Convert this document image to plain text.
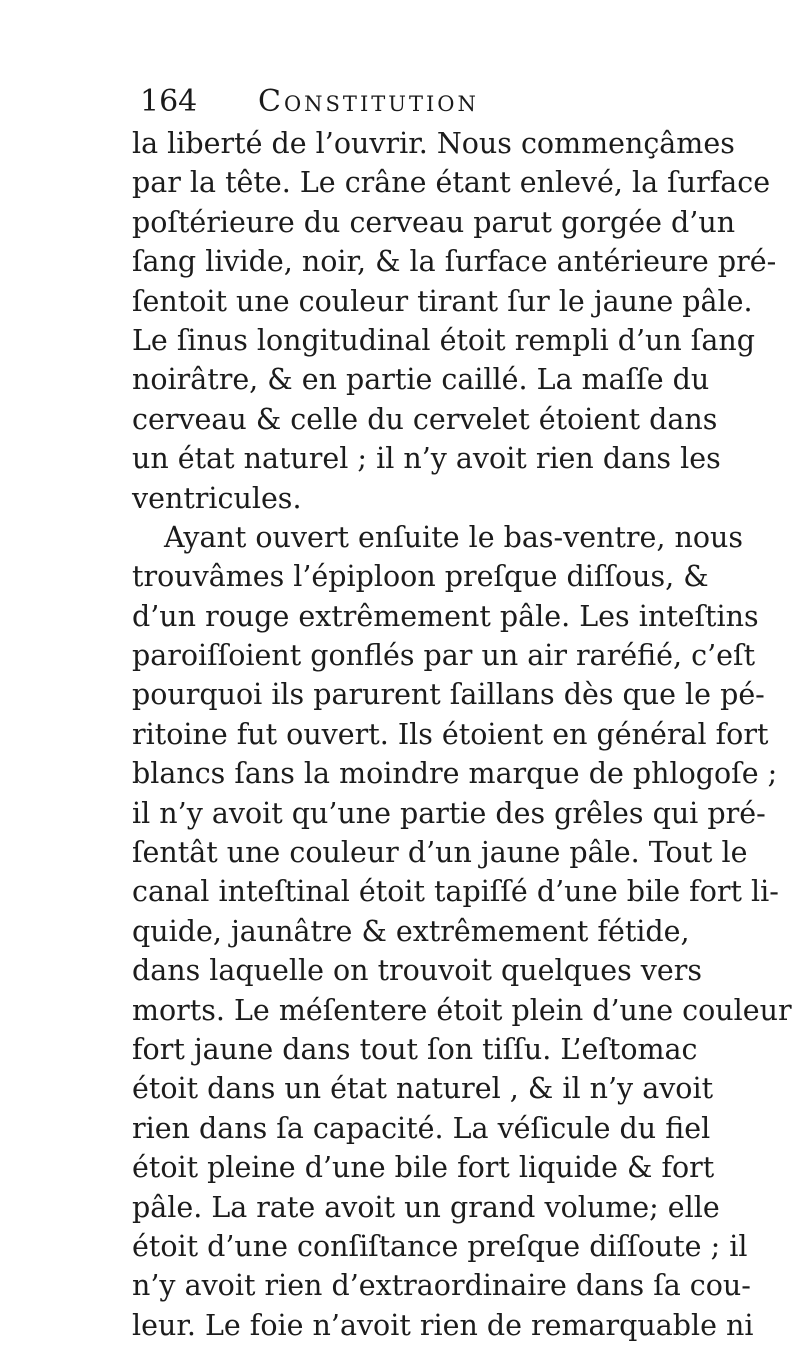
164 Constitution
la liberté de l’ouvrir. Nous commençâmes
par la tête. Le crâne étant enlevé, la ſurface
poſtérieure du cerveau parut gorgée d’un
ſang livide, noir, & la ſurface antérieure pré-
ſentoit une couleur tirant ſur le jaune pâle.
Le ſinus longitudinal étoit rempli d’un ſang
noirâtre, & en partie caillé. La maſſe du
cerveau & celle du cervelet étoient dans
un état naturel ; il n’y avoit rien dans les
ventricules.
Ayant ouvert enſuite le bas-ventre, nous
trouvâmes l’épiploon preſque diſſous, &
d’un rouge extrêmement pâle. Les inteſtins
paroiſſoient gonflés par un air raréfié, c’eſt
pourquoi ils parurent ſaillans dès que le pé-
ritoine fut ouvert. Ils étoient en général fort
blancs ſans la moindre marque de phlogoſe ;
il n’y avoit qu’une partie des grêles qui pré-
ſentât une couleur d’un jaune pâle. Tout le
canal inteſtinal étoit tapiſſé d’une bile fort li-
quide, jaunâtre & extrêmement fétide,
dans laquelle on trouvoit quelques vers
morts. Le méſentere étoit plein d’une couleur
fort jaune dans tout ſon tiſſu. L’eſtomac
étoit dans un état naturel , & il n’y avoit
rien dans ſa capacité. La véſicule du fiel
étoit pleine d’une bile fort liquide & fort
pâle. La rate avoit un grand volume; elle
étoit d’une conſiſtance preſque diſſoute ; il
n’y avoit rien d’extraordinaire dans ſa cou-
leur. Le foie n’avoit rien de remarquable ni
